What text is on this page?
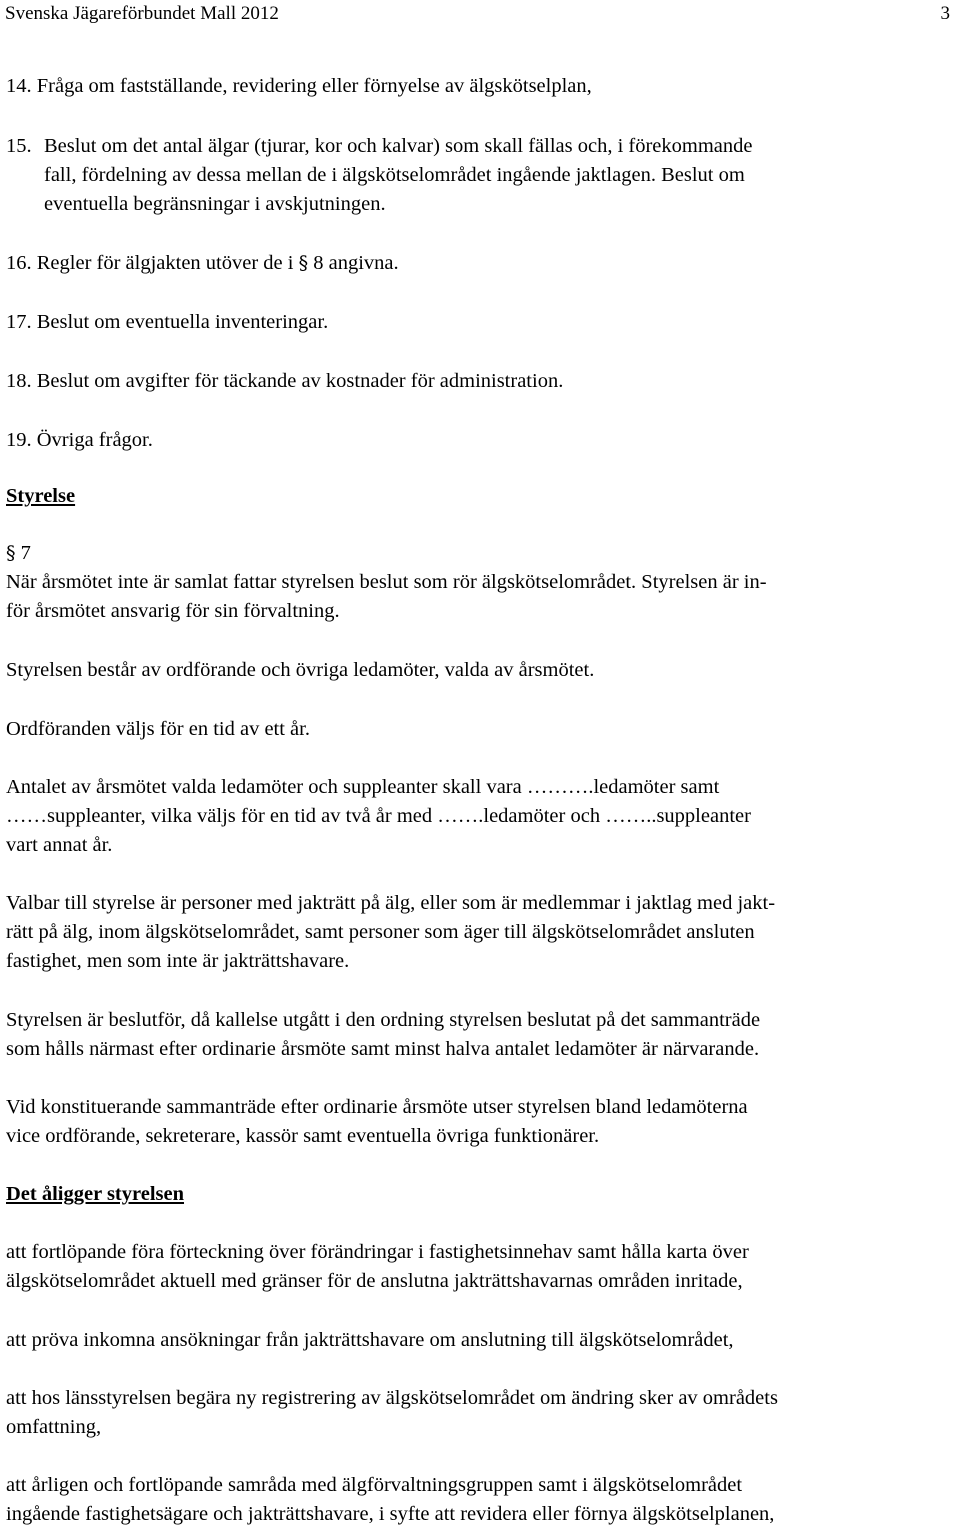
Svenska Jägareförbundet Mall 2012	3
14. Fråga om fastställande, revidering eller förnyelse av älgskötselplan,
15. Beslut om det antal älgar (tjurar, kor och kalvar) som skall fällas och, i förekommande
fall, fördelning av dessa mellan de i älgskötselområdet ingående jaktlagen. Beslut om
eventuella begränsningar i avskjutningen.
16. Regler för älgjakten utöver de i § 8 angivna.
17. Beslut om eventuella inventeringar.
18. Beslut om avgifter för täckande av kostnader för administration.
19. Övriga frågor.
Styrelse
§ 7
När årsmötet inte är samlat fattar styrelsen beslut som rör älgskötselområdet. Styrelsen är in-
för årsmötet ansvarig för sin förvaltning.
Styrelsen består av ordförande och övriga ledamöter, valda av årsmötet.
Ordföranden väljs för en tid av ett år.
Antalet av årsmötet valda ledamöter och suppleanter skall vara ……….ledamöter samt
……suppleanter, vilka väljs för en tid av två år med …….ledamöter och ……..suppleanter
vart annat år.
Valbar till styrelse är personer med jakträtt på älg, eller som är medlemmar i jaktlag med jakt-
rätt på älg, inom älgskötselområdet, samt personer som äger till älgskötselområdet ansluten
fastighet, men som inte är jakträttshavare.
Styrelsen är beslutför, då kallelse utgått i den ordning styrelsen beslutat på det sammanträde
som hålls närmast efter ordinarie årsmöte samt minst halva antalet ledamöter är närvarande.
Vid konstituerande sammanträde efter ordinarie årsmöte utser styrelsen bland ledamöterna
vice ordförande, sekreterare, kassör samt eventuella övriga funktionärer.
Det åligger styrelsen
att fortlöpande föra förteckning över förändringar i fastighetsinnehav samt hålla karta över
älgskötselområdet aktuell med gränser för de anslutna jakträttshavarnas områden inritade,
att pröva inkomna ansökningar från jakträttshavare om anslutning till älgskötselområdet,
att hos länsstyrelsen begära ny registrering av älgskötselområdet om ändring sker av områdets
omfattning,
att årligen och fortlöpande samråda med älgförvaltningsgruppen samt i älgskötselområdet
ingående fastighetsägare och jakträttshavare, i syfte att revidera eller förnya älgskötselplanen,
